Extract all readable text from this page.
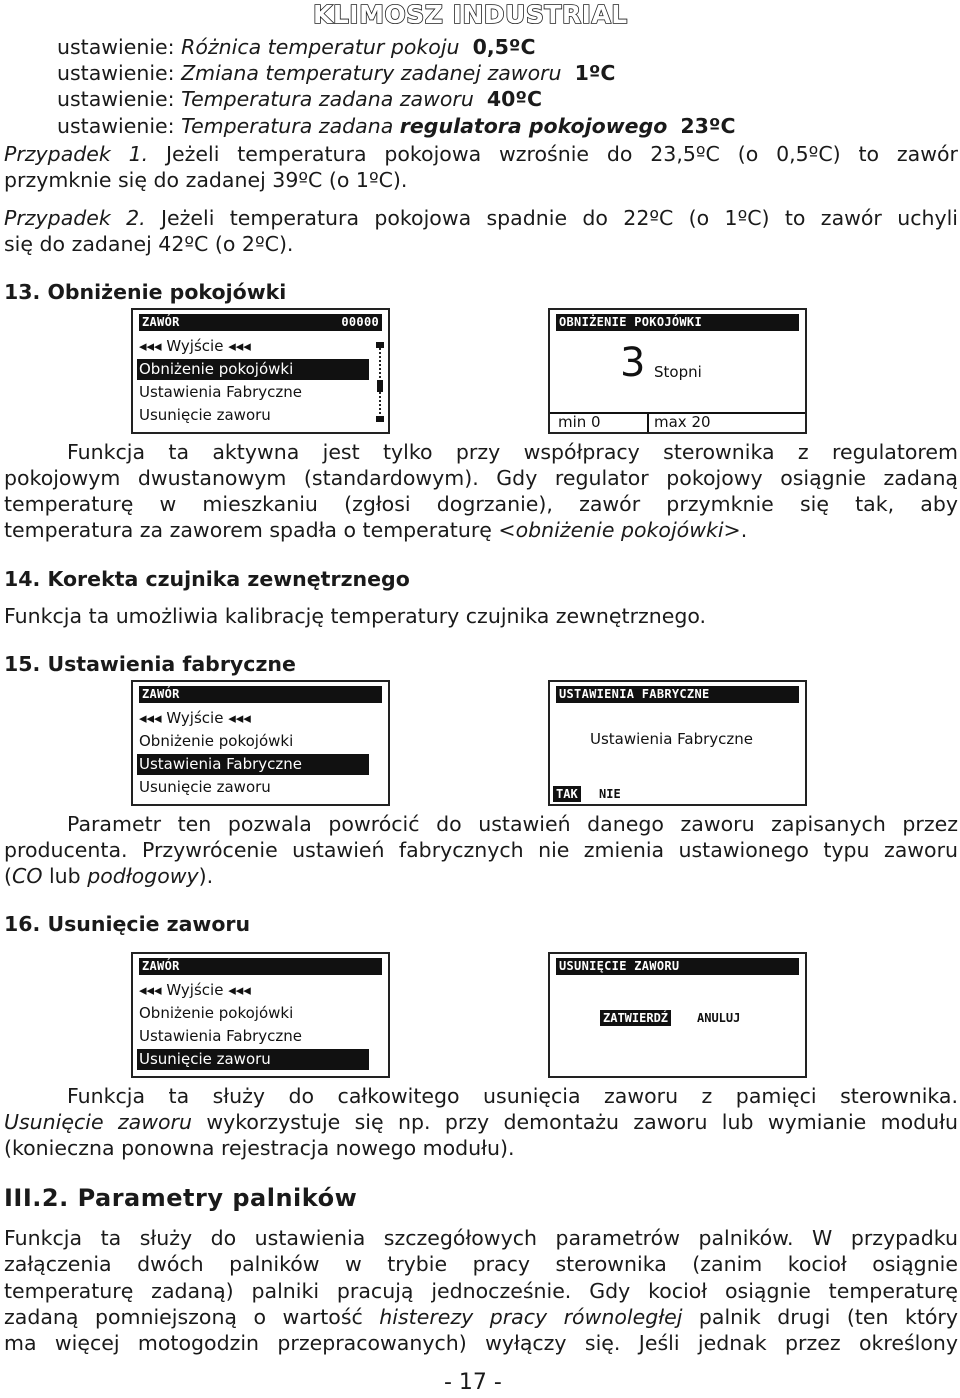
KLIMOSZ INDUSTRIAL
ustawienie: Różnica temperatur pokoju 0,5ºC
ustawienie: Zmiana temperatury zadanej zaworu 1ºC
ustawienie: Temperatura zadana zaworu 40ºC
ustawienie: Temperatura zadana regulatora pokojowego 23ºC
Przypadek 1. Jeżeli temperatura pokojowa wzrośnie do 23,5ºC (o 0,5ºC) to zawór
przymknie się do zadanej 39ºC (o 1ºC).
Przypadek 2. Jeżeli temperatura pokojowa spadnie do 22ºC (o 1ºC) to zawór uchyli
się do zadanej 42ºC (o 2ºC).
13. Obniżenie pokojówki
ZAWÓR	00000
◂◂◂ Wyjście ◂◂◂
Obniżenie pokojówki
Ustawienia Fabryczne
Usunięcie zaworu
OBNIŻENIE POKOJÓWKI
3 Stopni
min 0	max 20
Funkcja ta aktywna jest tylko przy współpracy sterownika z regulatorem
pokojowym dwustanowym (standardowym). Gdy regulator pokojowy osiągnie zadaną
temperaturę w mieszkaniu (zgłosi dogrzanie), zawór przymknie się tak, aby
temperatura za zaworem spadła o temperaturę <obniżenie pokojówki>.
14. Korekta czujnika zewnętrznego
Funkcja ta umożliwia kalibrację temperatury czujnika zewnętrznego.
15. Ustawienia fabryczne
ZAWÓR
◂◂◂ Wyjście ◂◂◂
Obniżenie pokojówki
Ustawienia Fabryczne
Usunięcie zaworu
USTAWIENIA FABRYCZNE
Ustawienia Fabryczne
TAK NIE
Parametr ten pozwala powrócić do ustawień danego zaworu zapisanych przez
producenta. Przywrócenie ustawień fabrycznych nie zmienia ustawionego typu zaworu
(CO lub podłogowy).
16. Usunięcie zaworu
ZAWÓR
◂◂◂ Wyjście ◂◂◂
Obniżenie pokojówki
Ustawienia Fabryczne
Usunięcie zaworu
USUNIĘCIE ZAWORU
ZATWIERDŹ ANULUJ
Funkcja ta służy do całkowitego usunięcia zaworu z pamięci sterownika.
Usunięcie zaworu wykorzystuje się np. przy demontażu zaworu lub wymianie modułu
(konieczna ponowna rejestracja nowego modułu).
III.2. Parametry palników
Funkcja ta służy do ustawienia szczegółowych parametrów palników. W przypadku
załączenia dwóch palników w trybie pracy sterownika (zanim kocioł osiągnie
temperaturę zadaną) palniki pracują jednocześnie. Gdy kocioł osiągnie temperaturę
zadaną pomniejszoną o wartość histerezy pracy równoległej palnik drugi (ten który
ma więcej motogodzin przepracowanych) wyłączy się. Jeśli jednak przez określony
- 17 -
